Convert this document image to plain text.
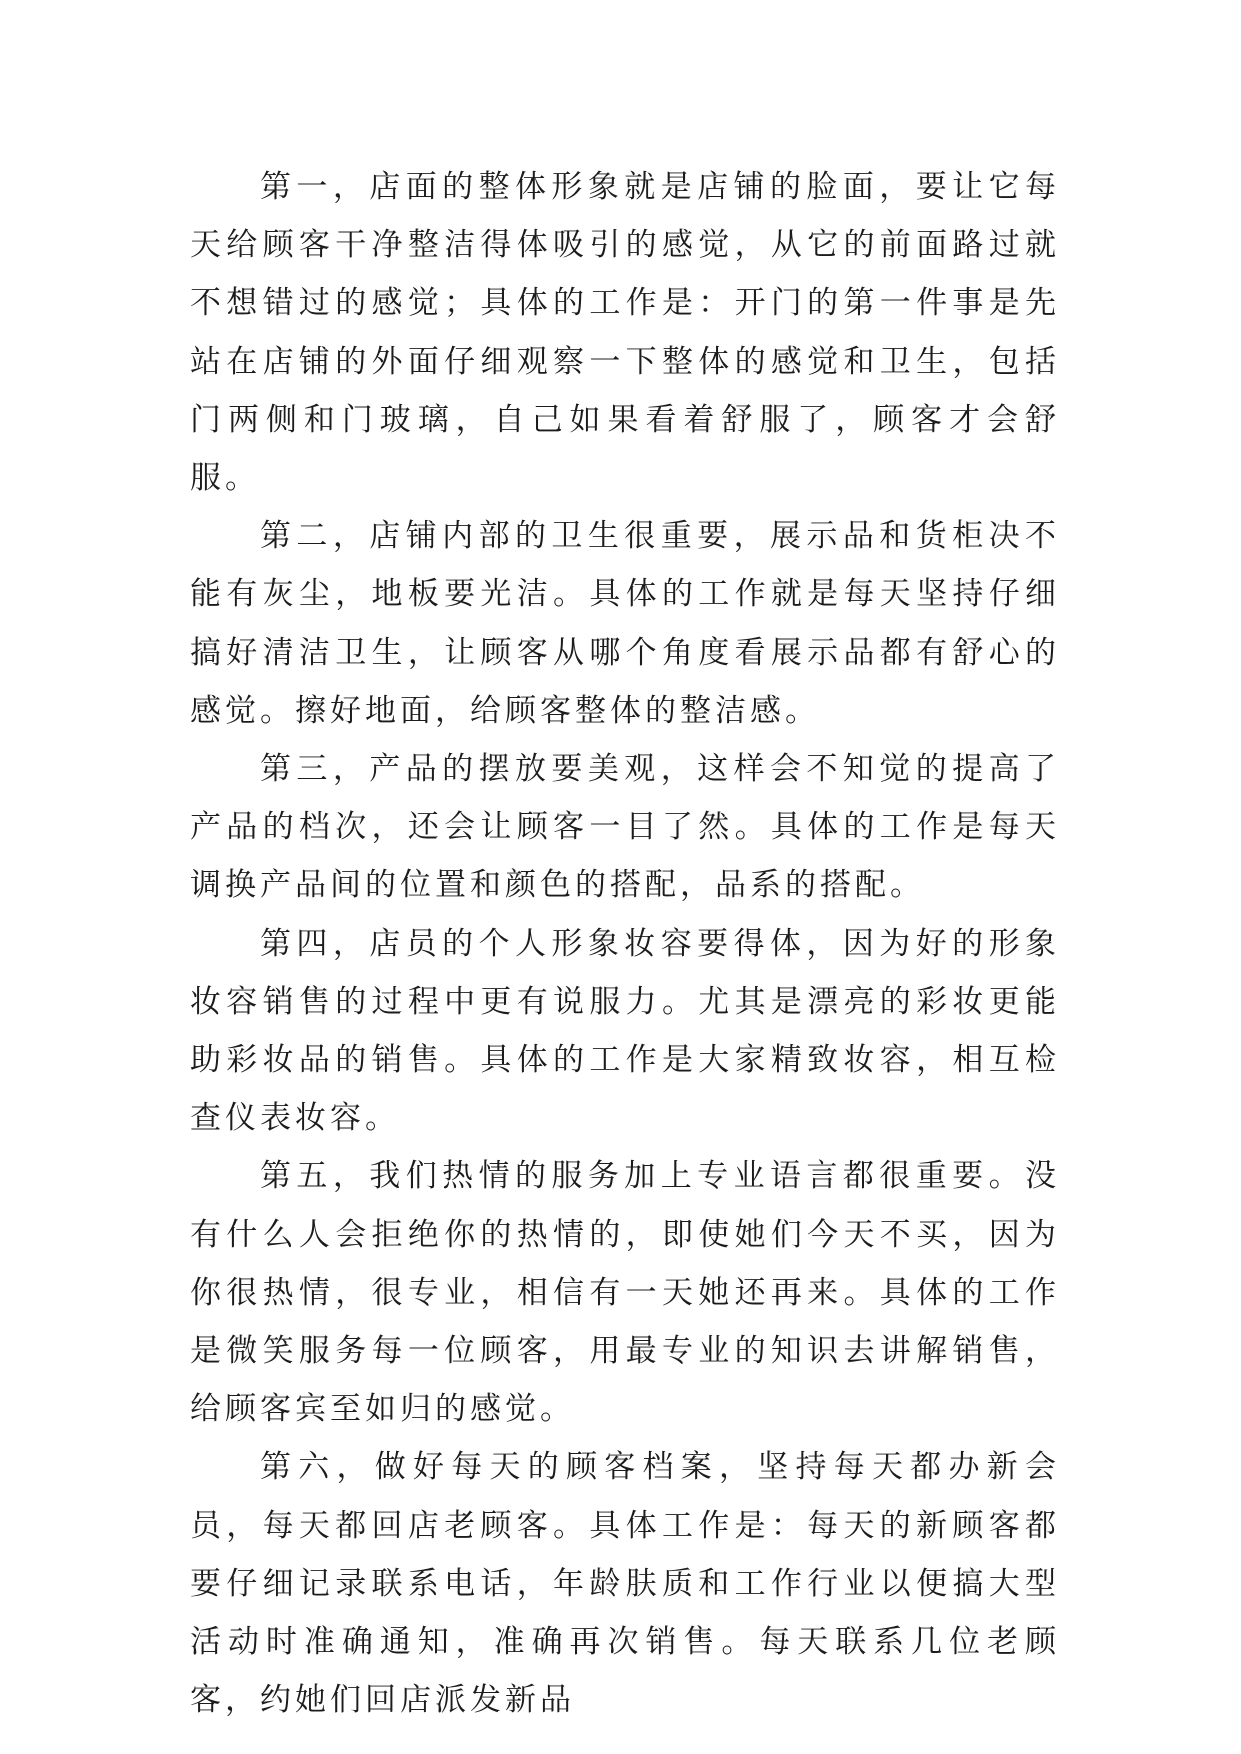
第一，店面的整体形象就是店铺的脸面，要让它每天给顾客干净整洁得体吸引的感觉，从它的前面路过就不想错过的感觉；具体的工作是：开门的第一件事是先站在店铺的外面仔细观察一下整体的感觉和卫生，包括门两侧和门玻璃，自己如果看着舒服了，顾客才会舒服。

第二，店铺内部的卫生很重要，展示品和货柜决不能有灰尘，地板要光洁。具体的工作就是每天坚持仔细搞好清洁卫生，让顾客从哪个角度看展示品都有舒心的感觉。擦好地面，给顾客整体的整洁感。

第三，产品的摆放要美观，这样会不知觉的提高了产品的档次，还会让顾客一目了然。具体的工作是每天调换产品间的位置和颜色的搭配，品系的搭配。

第四，店员的个人形象妆容要得体，因为好的形象妆容销售的过程中更有说服力。尤其是漂亮的彩妆更能助彩妆品的销售。具体的工作是大家精致妆容，相互检查仪表妆容。

第五，我们热情的服务加上专业语言都很重要。没有什么人会拒绝你的热情的，即使她们今天不买，因为你很热情，很专业，相信有一天她还再来。具体的工作是微笑服务每一位顾客，用最专业的知识去讲解销售，给顾客宾至如归的感觉。

第六，做好每天的顾客档案，坚持每天都办新会员，每天都回店老顾客。具体工作是：每天的新顾客都要仔细记录联系电话，年龄肤质和工作行业以便搞大型活动时准确通知，准确再次销售。每天联系几位老顾客，约她们回店派发新品
